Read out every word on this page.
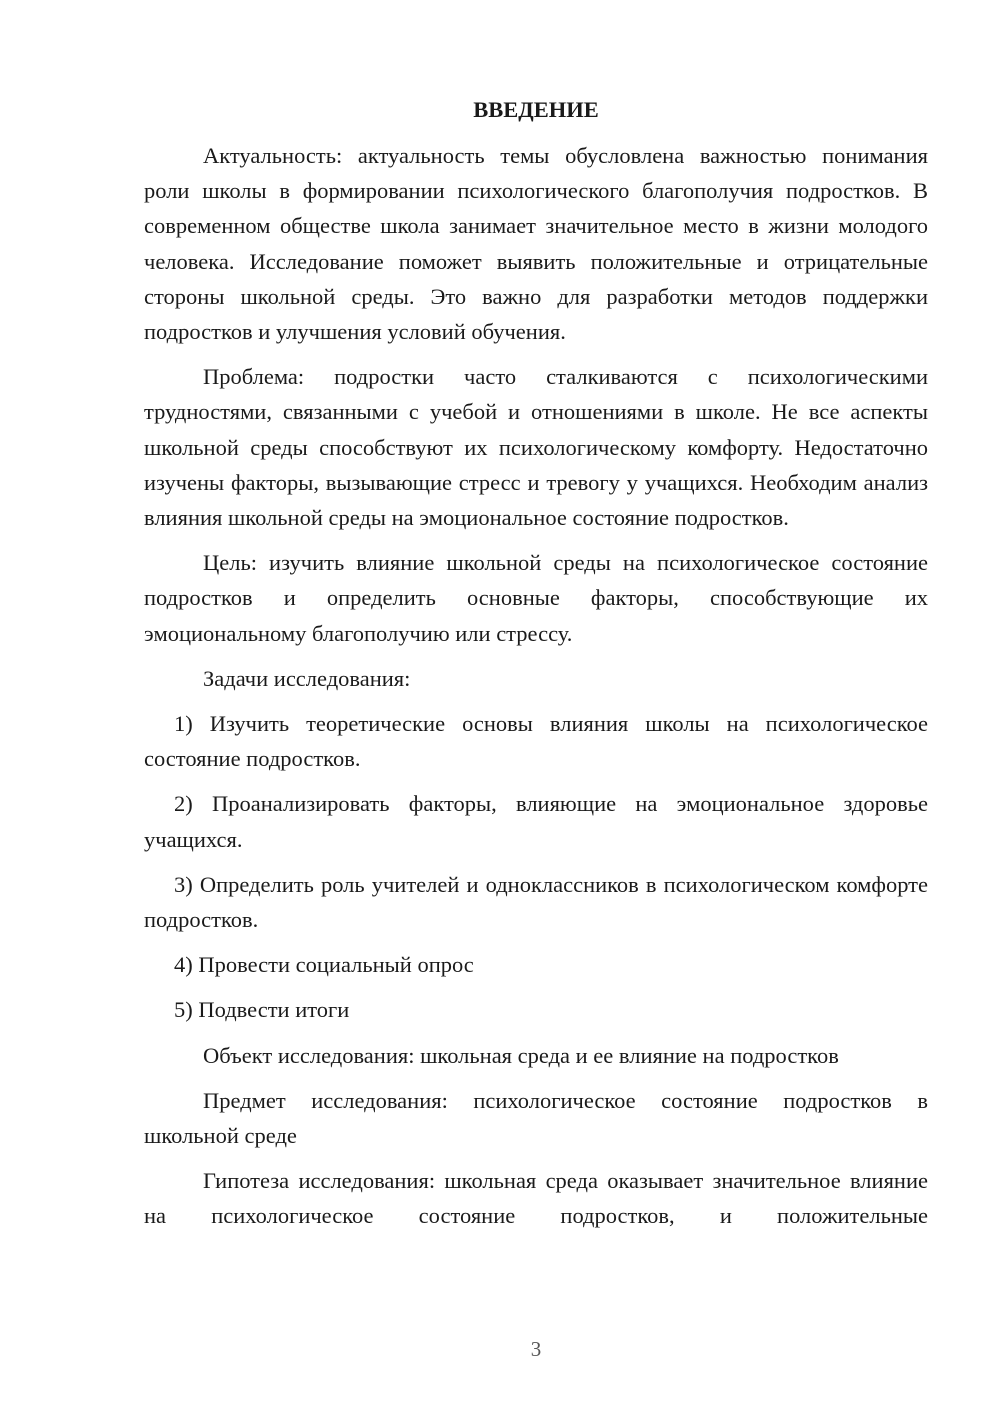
ВВЕДЕНИЕ

Актуальность: актуальность темы обусловлена важностью понимания роли школы в формировании психологического благополучия подростков. В современном обществе школа занимает значительное место в жизни молодого человека. Исследование поможет выявить положительные и отрицательные стороны школьной среды. Это важно для разработки методов поддержки подростков и улучшения условий обучения.

Проблема: подростки часто сталкиваются с психологическими трудностями, связанными с учебой и отношениями в школе. Не все аспекты школьной среды способствуют их психологическому комфорту. Недостаточно изучены факторы, вызывающие стресс и тревогу у учащихся. Необходим анализ влияния школьной среды на эмоциональное состояние подростков.

Цель: изучить влияние школьной среды на психологическое состояние подростков и определить основные факторы, способствующие их эмоциональному благополучию или стрессу.

Задачи исследования:

1) Изучить теоретические основы влияния школы на психологическое состояние подростков.

2) Проанализировать факторы, влияющие на эмоциональное здоровье учащихся.

3) Определить роль учителей и одноклассников в психологическом комфорте подростков.

4) Провести социальный опрос

5) Подвести итоги

Объект исследования: школьная среда и ее влияние на подростков

Предмет исследования: психологическое состояние подростков в школьной среде

Гипотеза исследования: школьная среда оказывает значительное влияние на психологическое состояние подростков, и положительные

3
